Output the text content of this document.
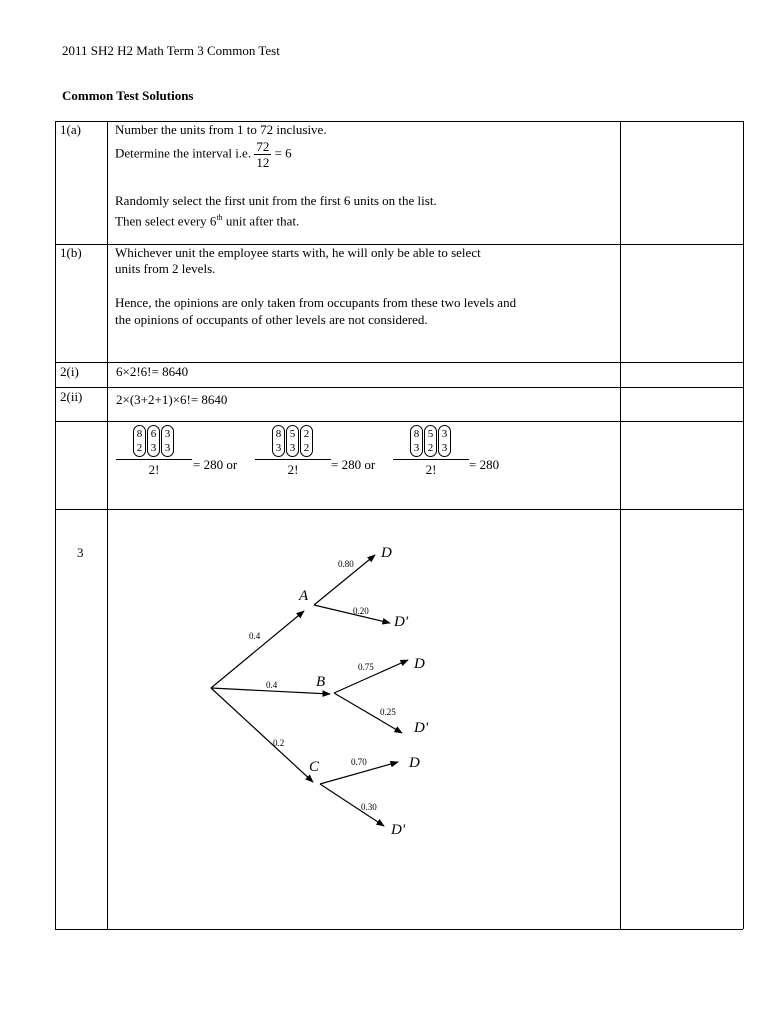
2011 SH2 H2 Math Term 3 Common Test
Common Test Solutions
1(a)	Number the units from 1 to 72 inclusive.
Determine the interval i.e. $\frac{72}{12} = 6$
Randomly select the first unit from the first 6 units on the list.
Then select every 6th unit after that.
1(b)	Whichever unit the employee starts with, he will only be able to select
units from 2 levels.
Hence, the opinions are only taken from occupants from these two levels and
the opinions of occupants of other levels are not considered.
2(i)	6×2!6!= 8640
2(ii)	2×(3+2+1)×6!= 8640
8
26
33
3
2!	= 280 or
8
35
32
2
2!	= 280 or
8
35
23
3
2!	= 280
3
A
B
C
D
D'
D
D'
D
D'
0.4
0.4
0.2
0.80
0.20
0.75
0.25
0.70
0.30
